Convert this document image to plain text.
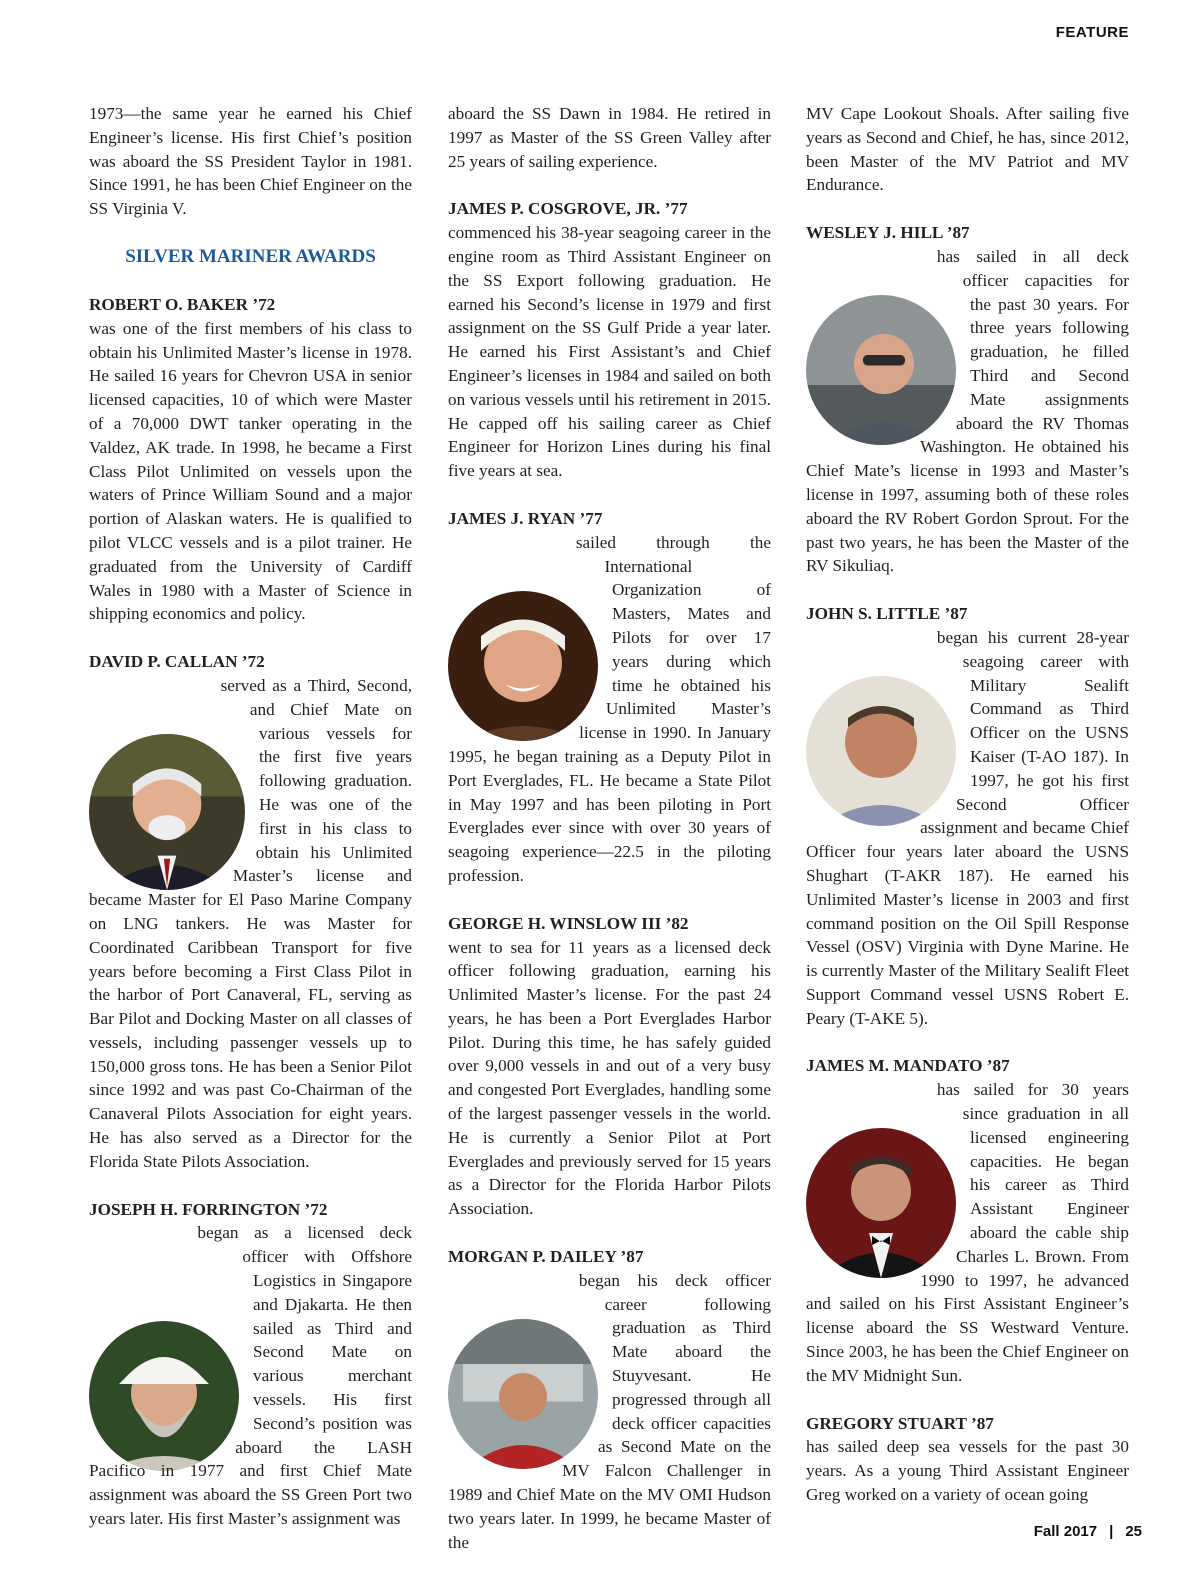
FEATURE

1973—the same year he earned his Chief Engineer’s license. His first Chief’s position was aboard the SS President Taylor in 1981. Since 1991, he has been Chief Engineer on the SS Virginia V.

SILVER MARINER AWARDS
ROBERT O. BAKER ’72

was one of the first members of his class to obtain his Unlimited Master’s license in 1978. He sailed 16 years for Chevron USA in senior licensed capacities, 10 of which were Master of a 70,000 DWT tanker operating in the Valdez, AK trade. In 1998, he became a First Class Pilot Unlimited on vessels upon the waters of Prince William Sound and a major portion of Alaskan waters. He is qualified to pilot VLCC vessels and is a pilot trainer. He graduated from the University of Cardiff Wales in 1980 with a Master of Science in shipping economics and policy.

DAVID P. CALLAN ’72

served as a Third, Second, and Chief Mate on various vessels for the first five years following graduation. He was one of the first in his class to obtain his Unlimited Master’s license and became Master for El Paso Marine Company on LNG tankers. He was Master for Coordinated Caribbean Transport for five years before becoming a First Class Pilot in the harbor of Port Canaveral, FL, serving as Bar Pilot and Docking Master on all classes of vessels, including passenger vessels up to 150,000 gross tons. He has been a Senior Pilot since 1992 and was past Co-Chairman of the Canaveral Pilots Association for eight years. He has also served as a Director for the Florida State Pilots Association.

JOSEPH H. FORRINGTON ’72

began as a licensed deck officer with Offshore Logistics in Singapore and Djakarta. He then sailed as Third and Second Mate on various merchant vessels. His first Second’s position was aboard the LASH Pacifico in 1977 and first Chief Mate assignment was aboard the SS Green Port two years later. His first Master’s assignment was

aboard the SS Dawn in 1984. He retired in 1997 as Master of the SS Green Valley after 25 years of sailing experience.

JAMES P. COSGROVE, JR. ’77

commenced his 38-year seagoing career in the engine room as Third Assistant Engineer on the SS Export following graduation. He earned his Second’s license in 1979 and first assignment on the SS Gulf Pride a year later. He earned his First Assistant’s and Chief Engineer’s licenses in 1984 and sailed on both on various vessels until his retirement in 2015. He capped off his sailing career as Chief Engineer for Horizon Lines during his final five years at sea.

JAMES J. RYAN ’77

sailed through the International Organization of Masters, Mates and Pilots for over 17 years during which time he obtained his Unlimited Master’s license in 1990. In January 1995, he began training as a Deputy Pilot in Port Everglades, FL. He became a State Pilot in May 1997 and has been piloting in Port Everglades ever since with over 30 years of seagoing experience—22.5 in the piloting profession.

GEORGE H. WINSLOW III ’82

went to sea for 11 years as a licensed deck officer following graduation, earning his Unlimited Master’s license. For the past 24 years, he has been a Port Everglades Harbor Pilot. During this time, he has safely guided over 9,000 vessels in and out of a very busy and congested Port Everglades, handling some of the largest passenger vessels in the world. He is currently a Senior Pilot at Port Everglades and previously served for 15 years as a Director for the Florida Harbor Pilots Association.

MORGAN P. DAILEY ’87

began his deck officer career following graduation as Third Mate aboard the Stuyvesant. He progressed through all deck officer capacities as Second Mate on the MV Falcon Challenger in 1989 and Chief Mate on the MV OMI Hudson two years later. In 1999, he became Master of the

MV Cape Lookout Shoals. After sailing five years as Second and Chief, he has, since 2012, been Master of the MV Patriot and MV Endurance.

WESLEY J. HILL ’87

has sailed in all deck officer capacities for the past 30 years. For three years following graduation, he filled Third and Second Mate assignments aboard the RV Thomas Washington. He obtained his Chief Mate’s license in 1993 and Master’s license in 1997, assuming both of these roles aboard the RV Robert Gordon Sprout. For the past two years, he has been the Master of the RV Sikuliaq.

JOHN S. LITTLE ’87

began his current 28-year seagoing career with Military Sealift Command as Third Officer on the USNS Kaiser (T-AO 187). In 1997, he got his first Second Officer assignment and became Chief Officer four years later aboard the USNS Shughart (T-AKR 187). He earned his Unlimited Master’s license in 2003 and first command position on the Oil Spill Response Vessel (OSV) Virginia with Dyne Marine. He is currently Master of the Military Sealift Fleet Support Command vessel USNS Robert E. Peary (T-AKE 5).

JAMES M. MANDATO ’87

has sailed for 30 years since graduation in all licensed engineering capacities. He began his career as Third Assistant Engineer aboard the cable ship Charles L. Brown. From 1990 to 1997, he advanced and sailed on his First Assistant Engineer’s license aboard the SS Westward Venture. Since 2003, he has been the Chief Engineer on the MV Midnight Sun.

GREGORY STUART ’87

has sailed deep sea vessels for the past 30 years. As a young Third Assistant Engineer Greg worked on a variety of ocean going

Fall 2017 | 25
